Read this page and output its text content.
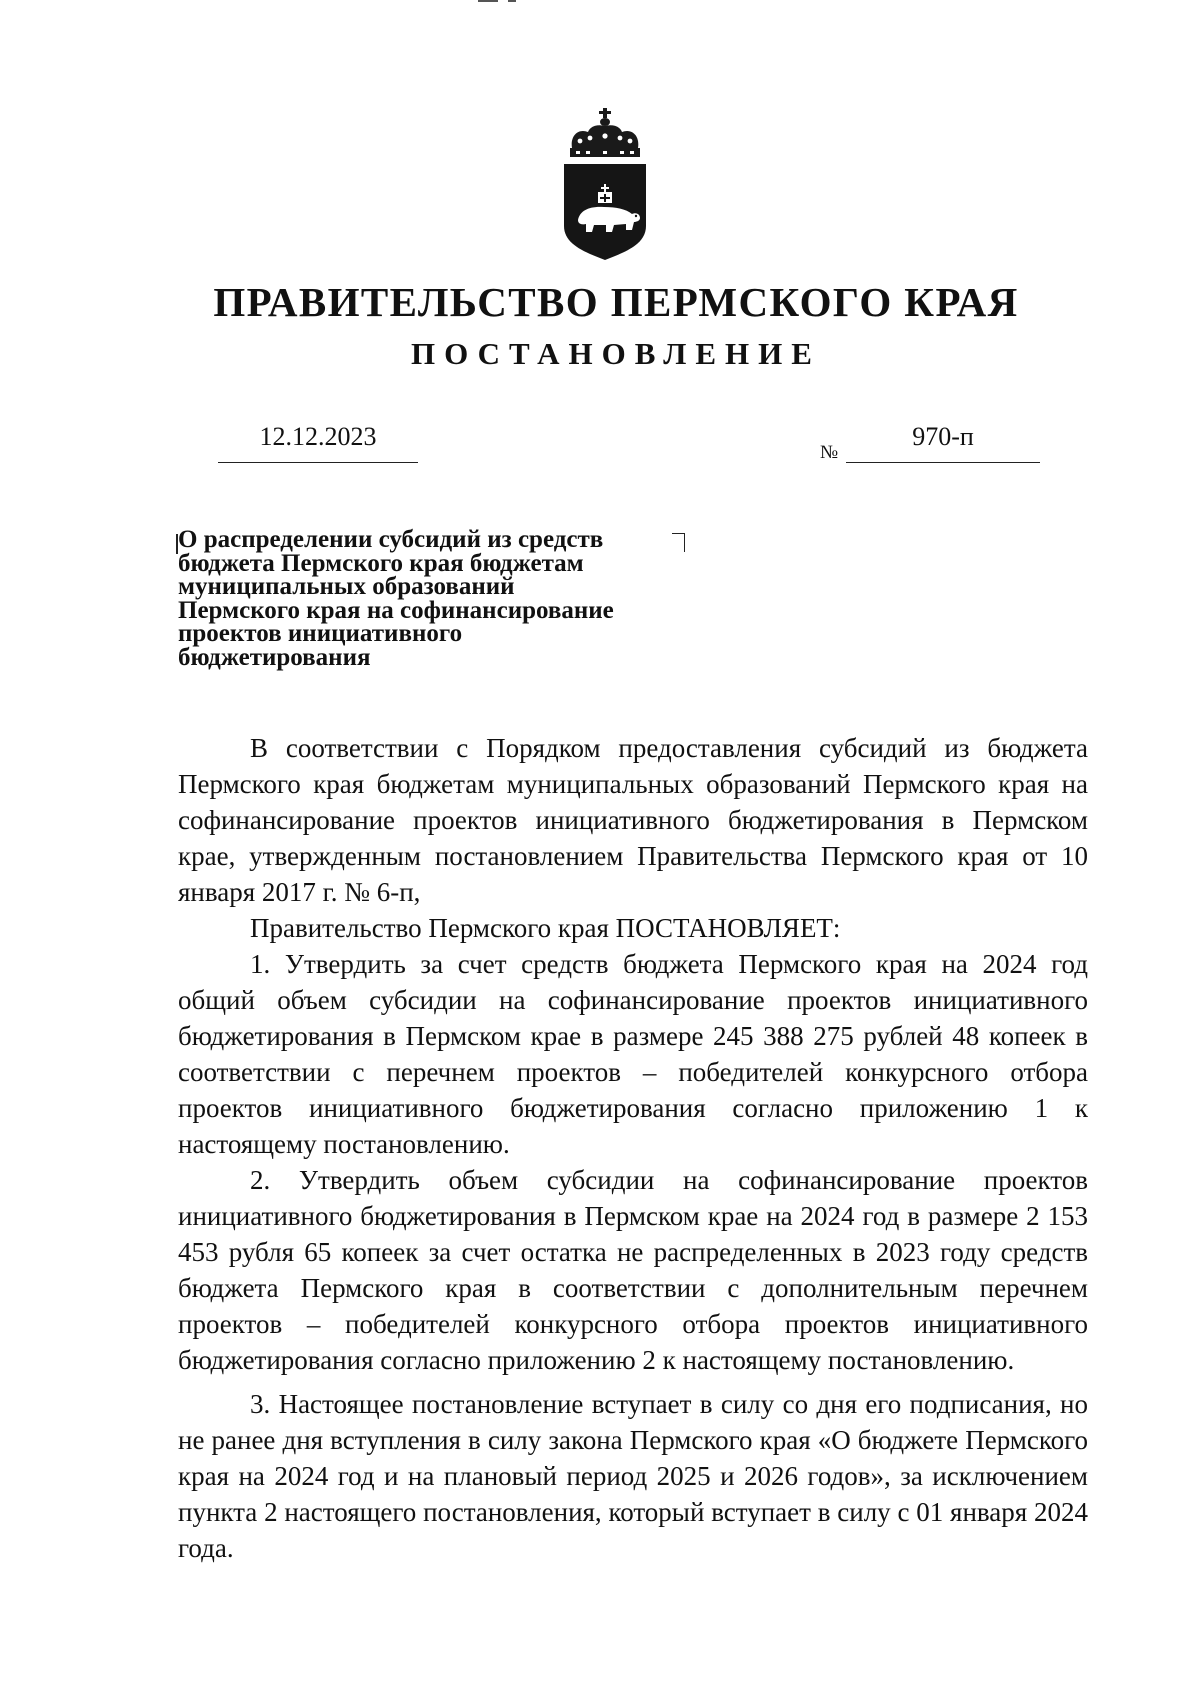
ПРАВИТЕЛЬСТВО ПЕРМСКОГО КРАЯ
ПОСТАНОВЛЕНИЕ
12.12.2023
№
970-п
О распределении субсидий из средств
бюджета Пермского края бюджетам
муниципальных образований
Пермского края на софинансирование
проектов инициативного
бюджетирования

В соответствии с Порядком предоставления субсидий из бюджета Пермского края бюджетам муниципальных образований Пермского края на софинансирование проектов инициативного бюджетирования в Пермском крае, утвержденным постановлением Правительства Пермского края от 10 января 2017 г. № 6-п,

Правительство Пермского края ПОСТАНОВЛЯЕТ:

1. Утвердить за счет средств бюджета Пермского края на 2024 год общий объем субсидии на софинансирование проектов инициативного бюджетирования в Пермском крае в размере 245 388 275 рублей 48 копеек в соответствии с перечнем проектов – победителей конкурсного отбора проектов инициативного бюджетирования согласно приложению 1 к настоящему постановлению.

2. Утвердить объем субсидии на софинансирование проектов инициативного бюджетирования в Пермском крае на 2024 год в размере 2 153 453 рубля 65 копеек за счет остатка не распределенных в 2023 году средств бюджета Пермского края в соответствии с дополнительным перечнем проектов – победителей конкурсного отбора проектов инициативного бюджетирования согласно приложению 2 к настоящему постановлению.

3. Настоящее постановление вступает в силу со дня его подписания, но не ранее дня вступления в силу закона Пермского края «О бюджете Пермского края на 2024 год и на плановый период 2025 и 2026 годов», за исключением пункта 2 настоящего постановления, который вступает в силу с 01 января 2024 года.
